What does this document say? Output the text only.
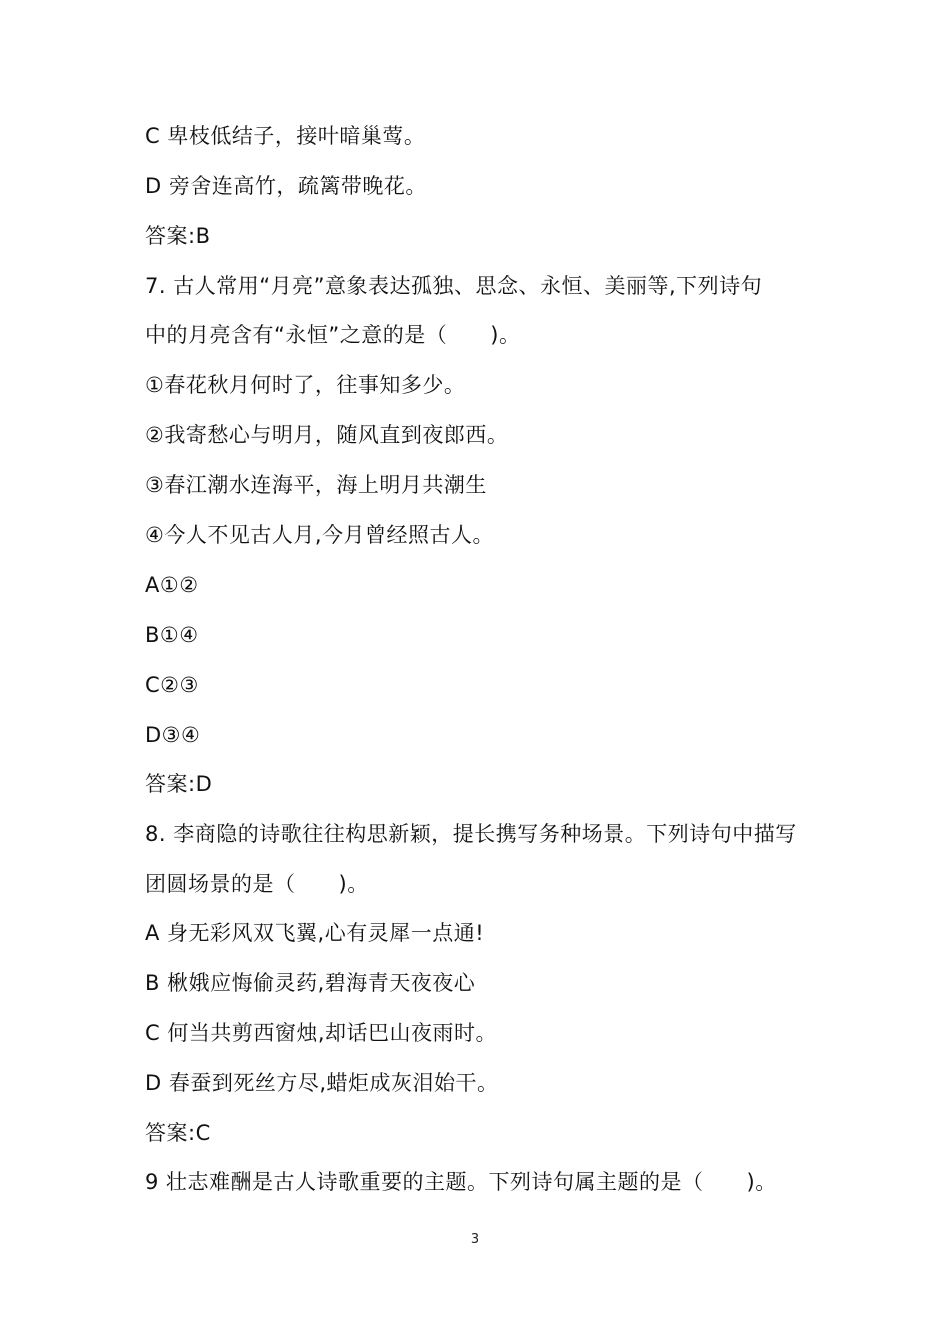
C 卑枝低结子，接叶暗巢莺。
D 旁舍连高竹，疏篱带晚花。
答案:B
7. 古人常用“月亮”意象表达孤独、思念、永恒、美丽等,下列诗句
中的月亮含有“永恒”之意的是（　　)。
①春花秋月何时了，往事知多少。
②我寄愁心与明月，随风直到夜郎西。
③春江潮水连海平，海上明月共潮生
④今人不见古人月,今月曾经照古人。
A①②
B①④
C②③
D③④
答案:D
8. 李商隐的诗歌往往构思新颖，提长携写务种场景。下列诗句中描写
团圆场景的是（　　)。
A 身无彩风双飞翼,心有灵犀一点通!
B 楸娥应悔偷灵药,碧海青天夜夜心
C 何当共剪西窗烛,却话巴山夜雨时。
D 春蚕到死丝方尽,蜡炬成灰泪始干。
答案:C
9 壮志难酬是古人诗歌重要的主题。下列诗句属主题的是（　　)。
3
